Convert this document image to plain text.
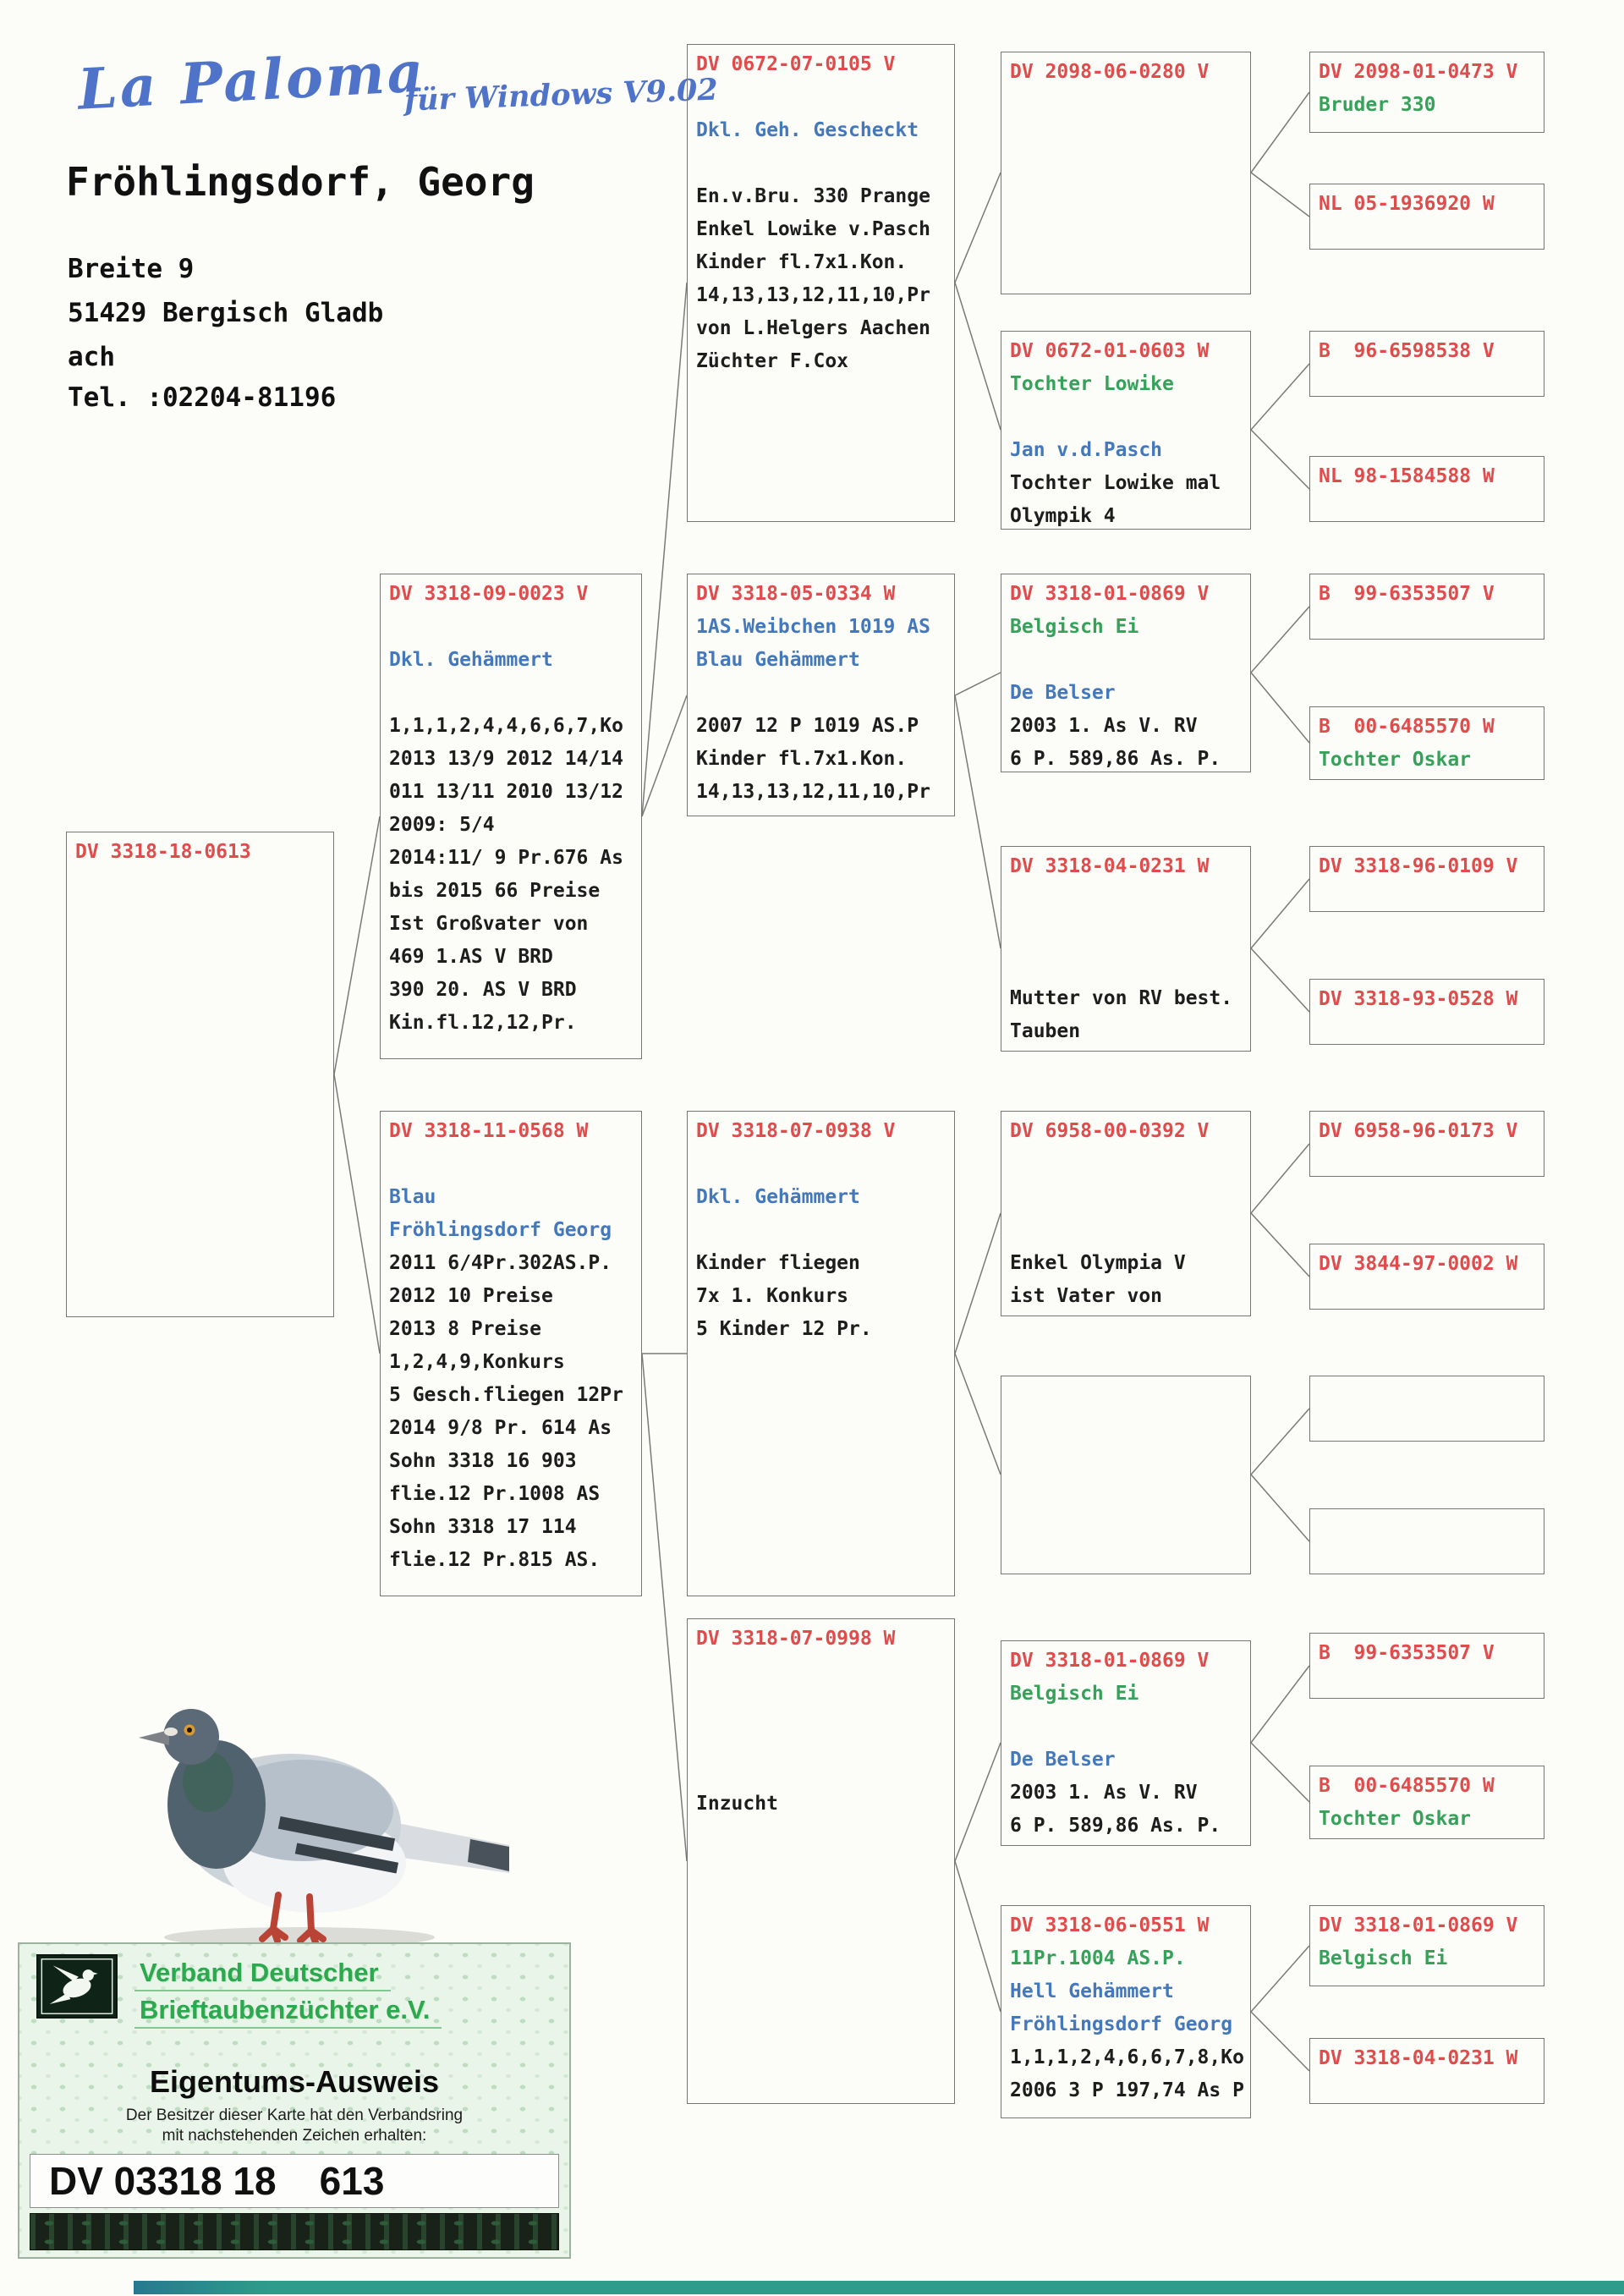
La Paloma
für Windows V9.02
Fröhlingsdorf, Georg
Breite 9
51429 Bergisch Gladb
ach
Tel. :02204-81196
DV 3318-18-0613
DV 3318-09-0023 V

Dkl. Gehämmert

1,1,1,2,4,4,6,6,7,Ko
2013 13/9 2012 14/14
011 13/11 2010 13/12
2009: 5/4
2014:11/ 9 Pr.676 As
bis 2015 66 Preise
Ist Großvater von
469 1.AS V BRD
390 20. AS V BRD
Kin.fl.12,12,Pr.
DV 3318-11-0568 W

Blau
Fröhlingsdorf Georg
2011 6/4Pr.302AS.P.
2012 10 Preise
2013 8 Preise
1,2,4,9,Konkurs
5 Gesch.fliegen 12Pr
2014 9/8 Pr. 614 As
Sohn 3318 16 903
flie.12 Pr.1008 AS
Sohn 3318 17 114
flie.12 Pr.815 AS.
DV 0672-07-0105 V

Dkl. Geh. Gescheckt

En.v.Bru. 330 Prange
Enkel Lowike v.Pasch
Kinder fl.7x1.Kon.
14,13,13,12,11,10,Pr
von L.Helgers Aachen
Züchter F.Cox
DV 3318-05-0334 W
1AS.Weibchen 1019 AS
Blau Gehämmert

2007 12 P 1019 AS.P
Kinder fl.7x1.Kon.
14,13,13,12,11,10,Pr
DV 3318-07-0938 V

Dkl. Gehämmert

Kinder fliegen
7x 1. Konkurs
5 Kinder 12 Pr.
DV 3318-07-0998 W

Inzucht
DV 2098-06-0280 V
DV 0672-01-0603 W
Tochter Lowike

Jan v.d.Pasch
Tochter Lowike mal
Olympik 4
DV 3318-01-0869 V
Belgisch Ei

De Belser
2003 1. As V. RV
6 P. 589,86 As. P.
DV 3318-04-0231 W

Mutter von RV best.
Tauben
DV 6958-00-0392 V

Enkel Olympia V
ist Vater von
DV 3318-01-0869 V
Belgisch Ei

De Belser
2003 1. As V. RV
6 P. 589,86 As. P.
DV 3318-06-0551 W
11Pr.1004 AS.P.
Hell Gehämmert
Fröhlingsdorf Georg
1,1,1,2,4,6,6,7,8,Ko
2006 3 P 197,74 As P
DV 2098-01-0473 V
Bruder 330
NL 05-1936920 W
B  96-6598538 V
NL 98-1584588 W
B  99-6353507 V
B  00-6485570 W
Tochter Oskar
DV 3318-96-0109 V
DV 3318-93-0528 W
DV 6958-96-0173 V
DV 3844-97-0002 W
B  99-6353507 V
B  00-6485570 W
Tochter Oskar
DV 3318-01-0869 V
Belgisch Ei
DV 3318-04-0231 W
Verband Deutscher
Brieftaubenzüchter e.V.
Eigentums-Ausweis
Der Besitzer dieser Karte hat den Verbandsring
mit nachstehenden Zeichen erhalten:
DV 03318 18    613
